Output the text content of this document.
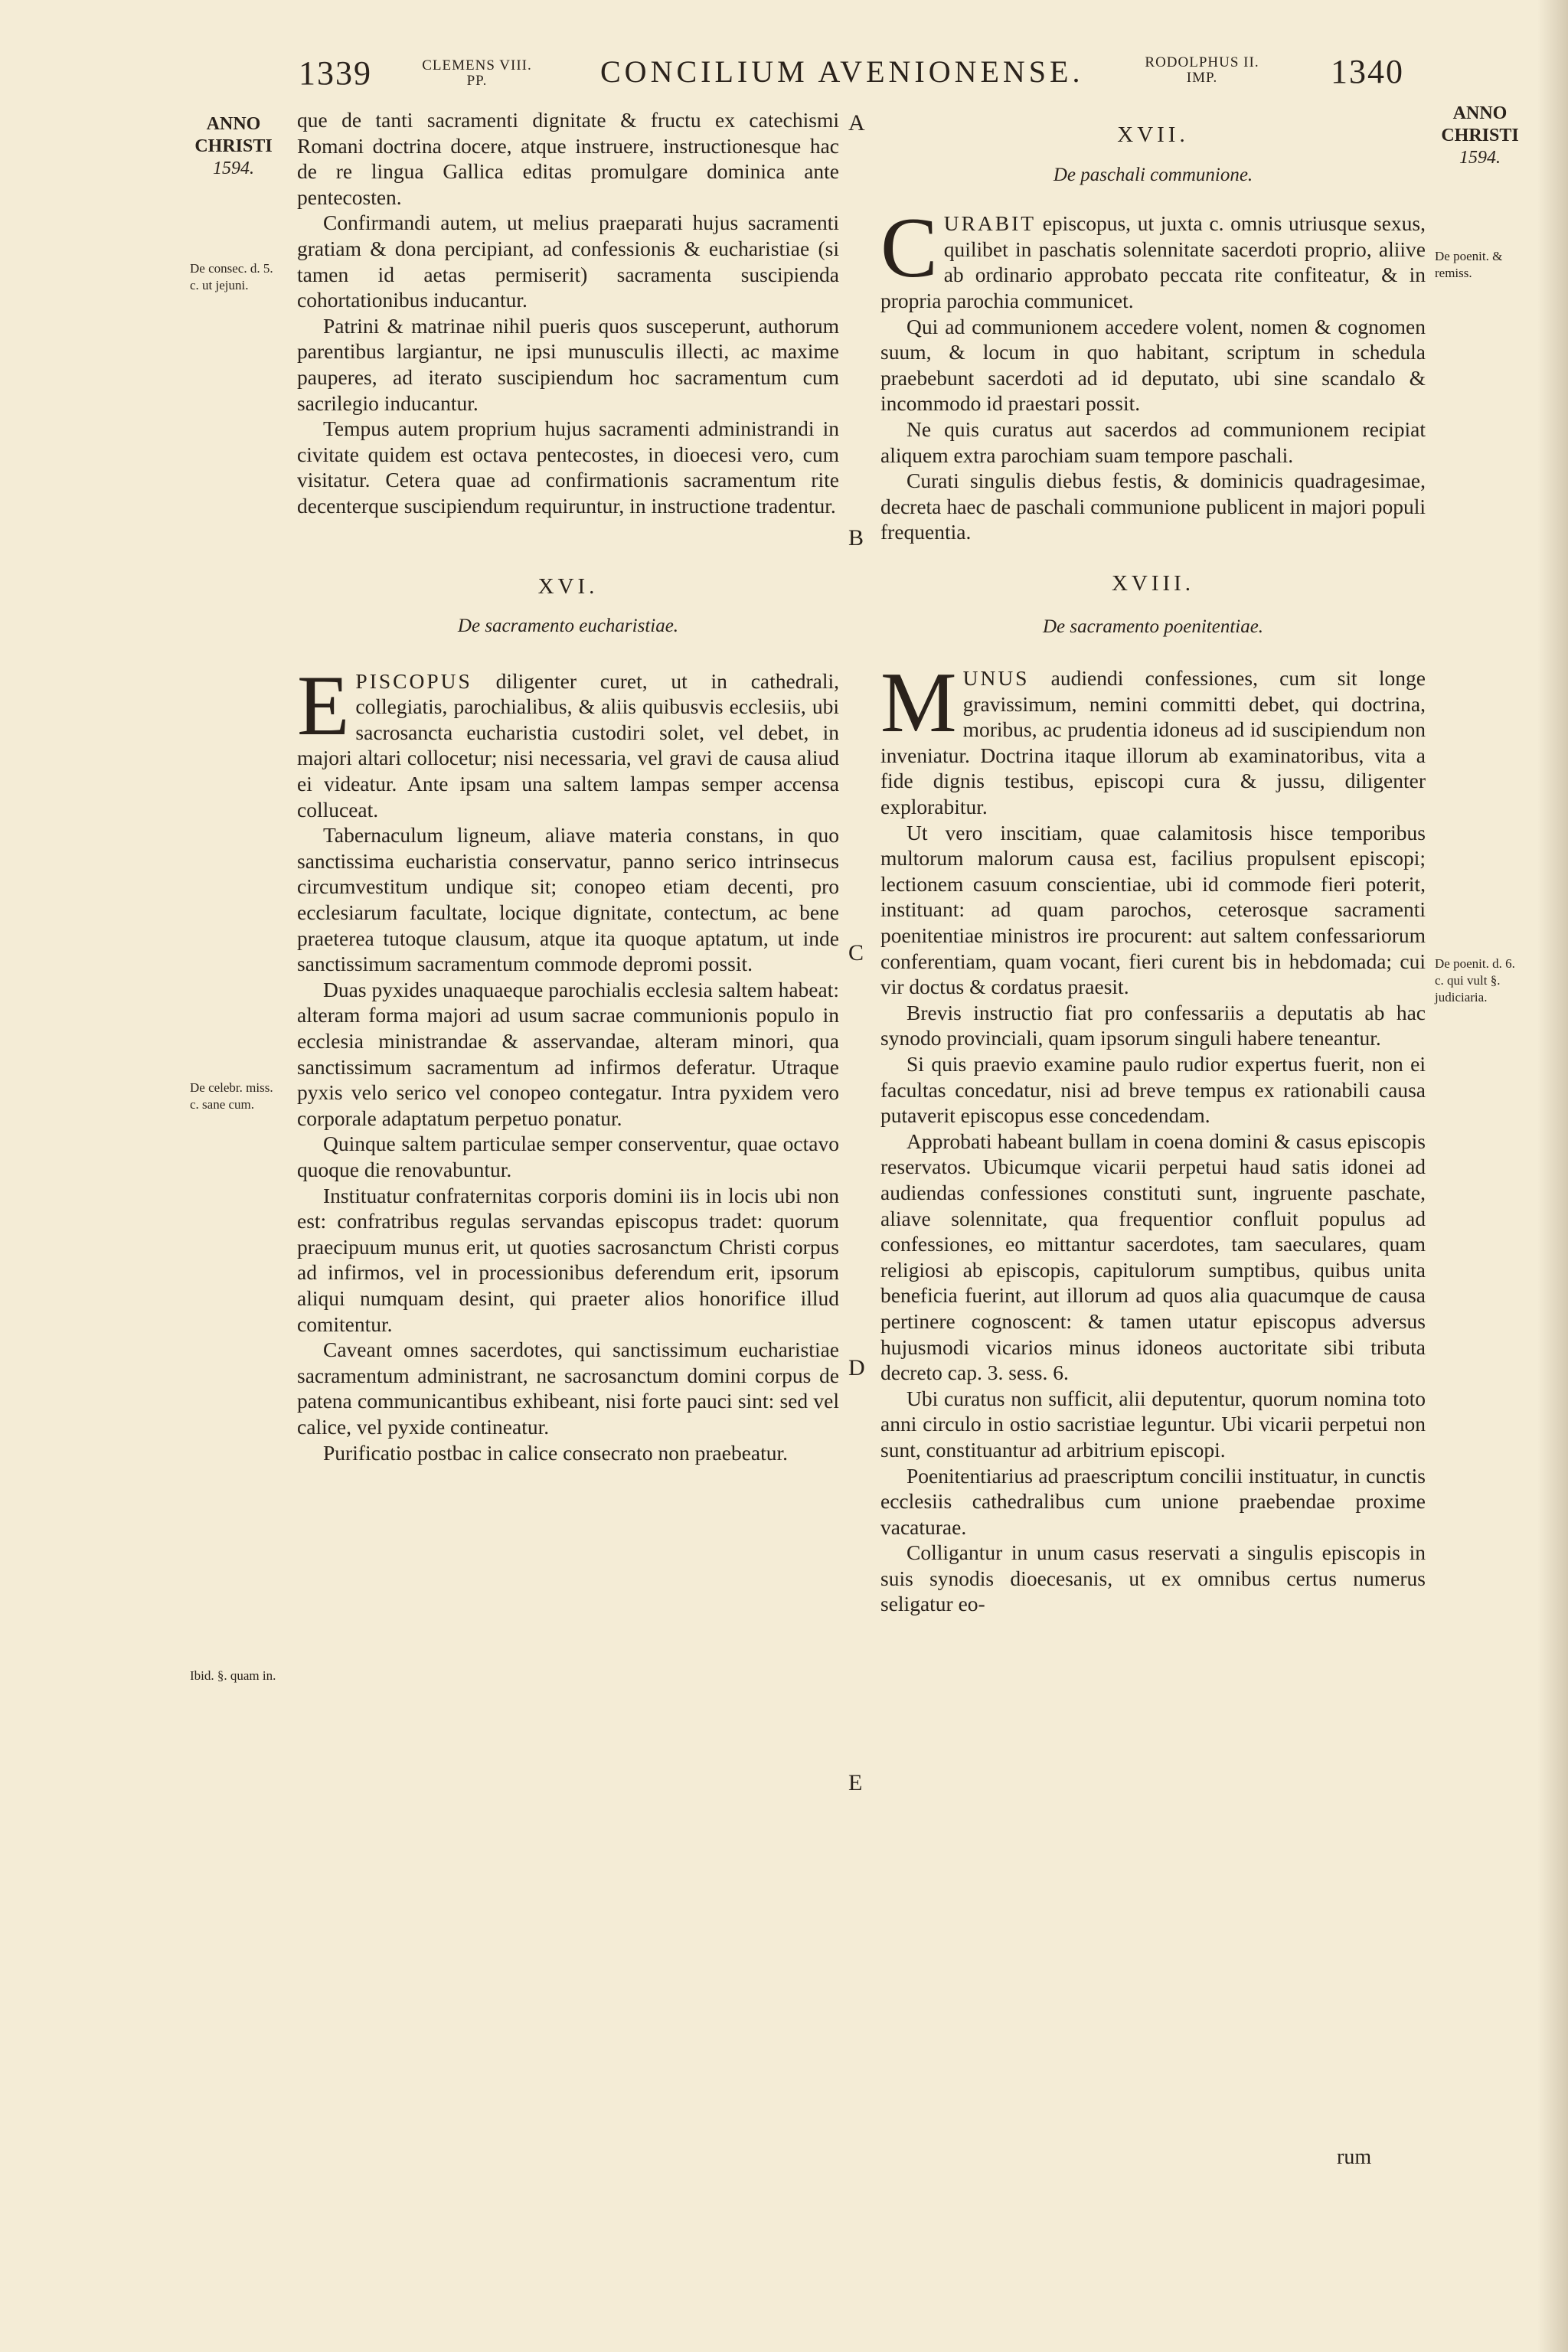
1339	CLEMENS VIII.
PP.	CONCILIUM AVENIONENSE.	RODOLPHUS II.
IMP.	1340
ANNO
CHRISTI
1594.
De consec. d. 5. c. ut jejuni.
De celebr. miss. c. sane cum.
Ibid. §. quam in.
A
B
C
D
E
ANNO
CHRISTI
1594.
De poenit. & remiss.
De poenit. d. 6. c. qui vult §. judiciaria.

que de tanti sacramenti dignitate & fructu ex catechismi Romani doctrina docere, atque instruere, instructionesque hac de re lingua Gallica editas promulgare dominica ante pentecosten.

Confirmandi autem, ut melius praeparati hujus sacramenti gratiam & dona percipiant, ad confessionis & eucharistiae (si tamen id aetas permiserit) sacramenta suscipienda cohortationibus inducantur.

Patrini & matrinae nihil pueris quos susceperunt, authorum parentibus largiantur, ne ipsi munusculis illecti, ac maxime pauperes, ad iterato suscipiendum hoc sacramentum cum sacrilegio inducantur.

Tempus autem proprium hujus sacramenti administrandi in civitate quidem est octava pentecostes, in dioecesi vero, cum visitatur. Cetera quae ad confirmationis sacramentum rite decenterque suscipiendum requiruntur, in instructione tradentur.

XVI.

De sacramento eucharistiae.

EPISCOPUS diligenter curet, ut in cathedrali, collegiatis, parochialibus, & aliis quibusvis ecclesiis, ubi sacrosancta eucharistia custodiri solet, vel debet, in majori altari collocetur; nisi necessaria, vel gravi de causa aliud ei videatur. Ante ipsam una saltem lampas semper accensa colluceat.

Tabernaculum ligneum, aliave materia constans, in quo sanctissima eucharistia conservatur, panno serico intrinsecus circumvestitum undique sit; conopeo etiam decenti, pro ecclesiarum facultate, locique dignitate, contectum, ac bene praeterea tutoque clausum, atque ita quoque aptatum, ut inde sanctissimum sacramentum commode depromi possit.

Duas pyxides unaquaeque parochialis ecclesia saltem habeat: alteram forma majori ad usum sacrae communionis populo in ecclesia ministrandae & asservandae, alteram minori, qua sanctissimum sacramentum ad infirmos deferatur. Utraque pyxis velo serico vel conopeo contegatur. Intra pyxidem vero corporale adaptatum perpetuo ponatur.

Quinque saltem particulae semper conserventur, quae octavo quoque die renovabuntur.

Instituatur confraternitas corporis domini iis in locis ubi non est: confratribus regulas servandas episcopus tradet: quorum praecipuum munus erit, ut quoties sacrosanctum Christi corpus ad infirmos, vel in processionibus deferendum erit, ipsorum aliqui numquam desint, qui praeter alios honorifice illud comitentur.

Caveant omnes sacerdotes, qui sanctissimum eucharistiae sacramentum administrant, ne sacrosanctum domini corpus de patena communicantibus exhibeant, nisi forte pauci sint: sed vel calice, vel pyxide contineatur.

Purificatio postbac in calice consecrato non praebeatur.

XVII.

De paschali communione.

CURABIT episcopus, ut juxta c. omnis utriusque sexus, quilibet in paschatis solennitate sacerdoti proprio, aliive ab ordinario approbato peccata rite confiteatur, & in propria parochia communicet.

Qui ad communionem accedere volent, nomen & cognomen suum, & locum in quo habitant, scriptum in schedula praebebunt sacerdoti ad id deputato, ubi sine scandalo & incommodo id praestari possit.

Ne quis curatus aut sacerdos ad communionem recipiat aliquem extra parochiam suam tempore paschali.

Curati singulis diebus festis, & dominicis quadragesimae, decreta haec de paschali communione publicent in majori populi frequentia.

XVIII.

De sacramento poenitentiae.

MUNUS audiendi confessiones, cum sit longe gravissimum, nemini committi debet, qui doctrina, moribus, ac prudentia idoneus ad id suscipiendum non inveniatur. Doctrina itaque illorum ab examinatoribus, vita a fide dignis testibus, episcopi cura & jussu, diligenter explorabitur.

Ut vero inscitiam, quae calamitosis hisce temporibus multorum malorum causa est, facilius propulsent episcopi; lectionem casuum conscientiae, ubi id commode fieri poterit, instituant: ad quam parochos, ceterosque sacramenti poenitentiae ministros ire procurent: aut saltem confessariorum conferentiam, quam vocant, fieri curent bis in hebdomada; cui vir doctus & cordatus praesit.

Brevis instructio fiat pro confessariis a deputatis ab hac synodo provinciali, quam ipsorum singuli habere teneantur.

Si quis praevio examine paulo rudior expertus fuerit, non ei facultas concedatur, nisi ad breve tempus ex rationabili causa putaverit episcopus esse concedendam.

Approbati habeant bullam in coena domini & casus episcopis reservatos. Ubicumque vicarii perpetui haud satis idonei ad audiendas confessiones constituti sunt, ingruente paschate, aliave solennitate, qua frequentior confluit populus ad confessiones, eo mittantur sacerdotes, tam saeculares, quam religiosi ab episcopis, capitulorum sumptibus, quibus unita beneficia fuerint, aut illorum ad quos alia quacumque de causa pertinere cognoscent: & tamen utatur episcopus adversus hujusmodi vicarios minus idoneos auctoritate sibi tributa decreto cap. 3. sess. 6.

Ubi curatus non sufficit, alii deputentur, quorum nomina toto anni circulo in ostio sacristiae leguntur. Ubi vicarii perpetui non sunt, constituantur ad arbitrium episcopi.

Poenitentiarius ad praescriptum concilii instituatur, in cunctis ecclesiis cathedralibus cum unione praebendae proxime vacaturae.

Colligantur in unum casus reservati a singulis episcopis in suis synodis dioecesanis, ut ex omnibus certus numerus seligatur eo-

rum
